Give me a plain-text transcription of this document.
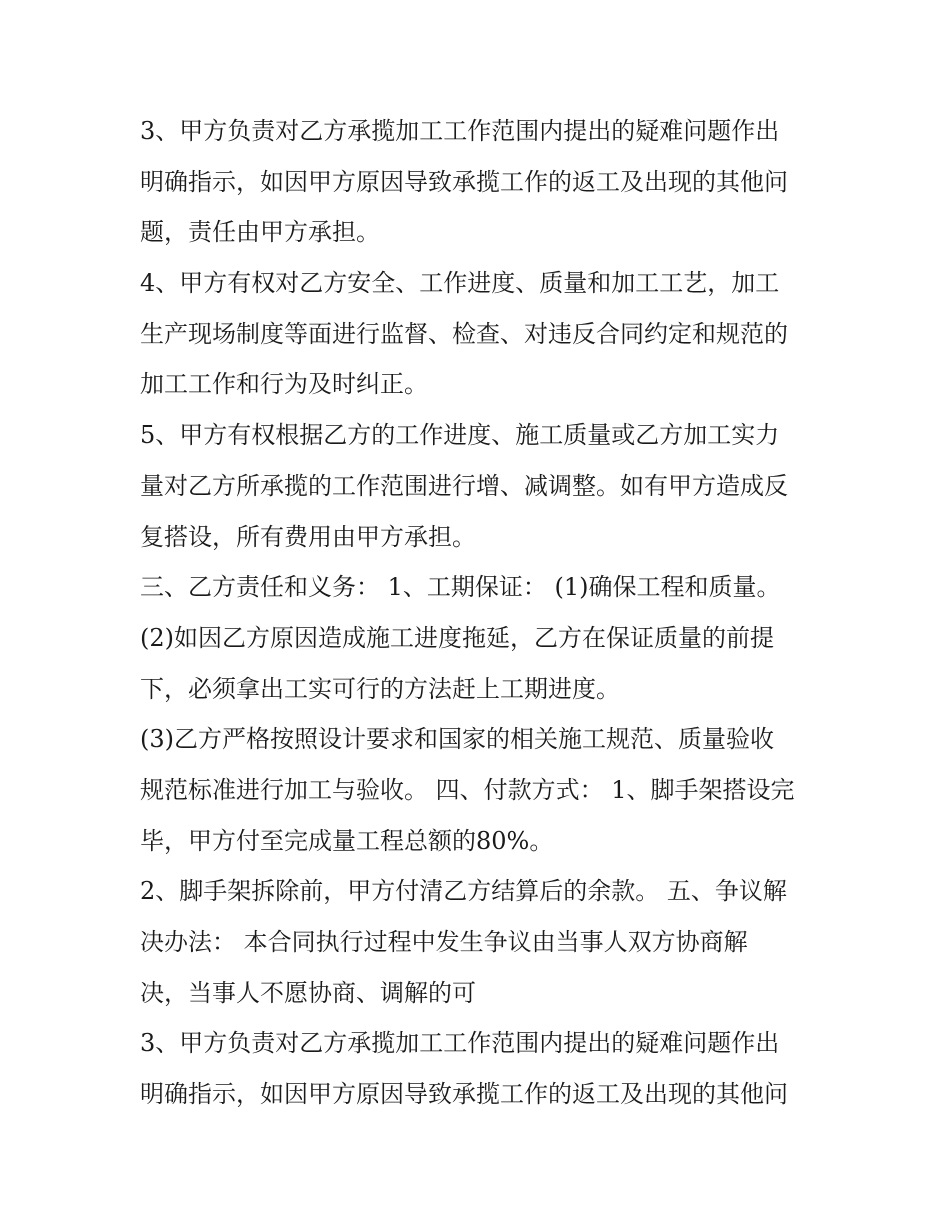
3、甲方负责对乙方承揽加工工作范围内提出的疑难问题作出
明确指示，如因甲方原因导致承揽工作的返工及出现的其他问
题，责任由甲方承担。
4、甲方有权对乙方安全、工作进度、质量和加工工艺，加工
生产现场制度等面进行监督、检查、对违反合同约定和规范的
加工工作和行为及时纠正。
5、甲方有权根据乙方的工作进度、施工质量或乙方加工实力
量对乙方所承揽的工作范围进行增、减调整。如有甲方造成反
复搭设，所有费用由甲方承担。
三、乙方责任和义务： 1、工期保证： (1)确保工程和质量。
(2)如因乙方原因造成施工进度拖延，乙方在保证质量的前提
下，必须拿出工实可行的方法赶上工期进度。
(3)乙方严格按照设计要求和国家的相关施工规范、质量验收
规范标准进行加工与验收。 四、付款方式： 1、脚手架搭设完
毕，甲方付至完成量工程总额的80%。
2、脚手架拆除前，甲方付清乙方结算后的余款。 五、争议解
决办法： 本合同执行过程中发生争议由当事人双方协商解
决，当事人不愿协商、调解的可
3、甲方负责对乙方承揽加工工作范围内提出的疑难问题作出
明确指示，如因甲方原因导致承揽工作的返工及出现的其他问
